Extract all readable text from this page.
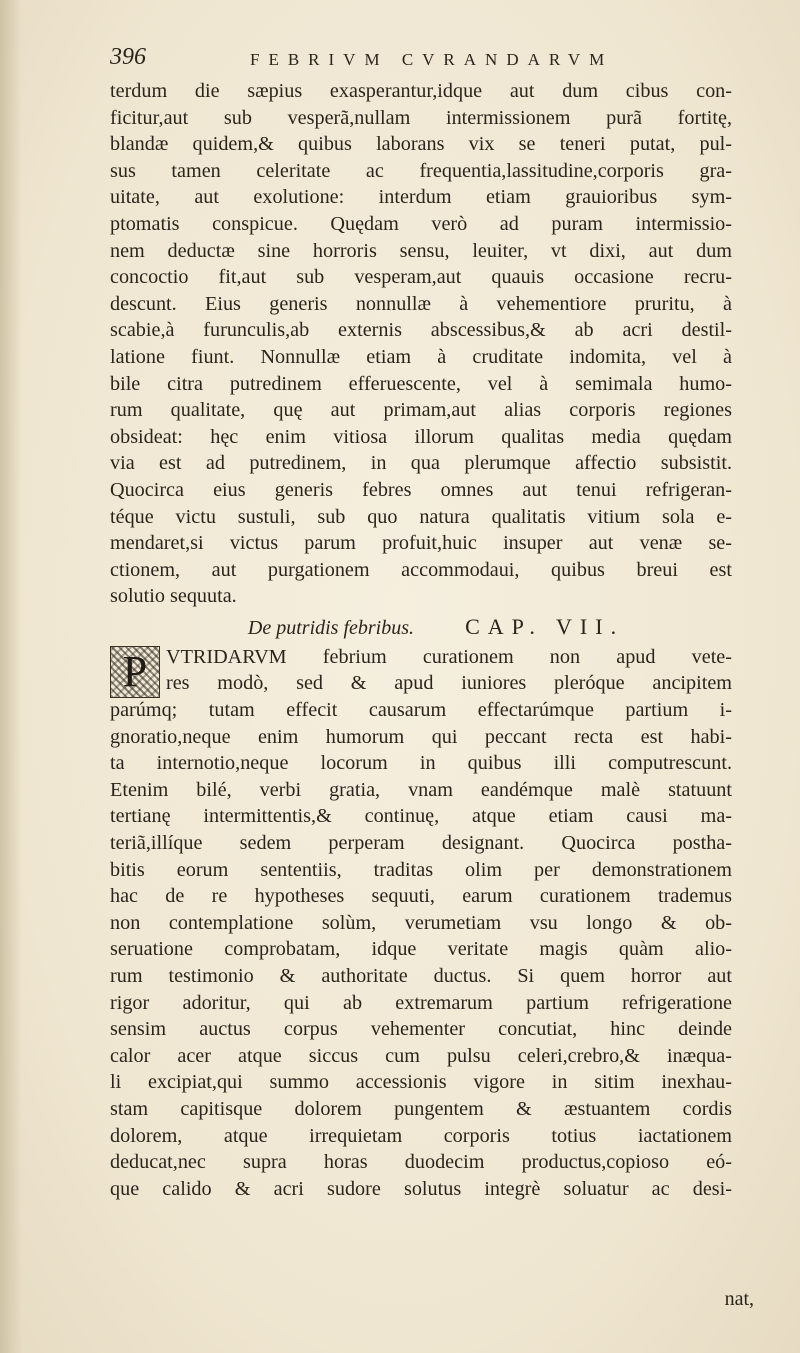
396	FEBRIVM CVRANDARVM
terdum die sæpius exasperantur,idque aut dum cibus con-
ficitur,aut sub vesperã,nullam intermissionem purã fortitę,
blandæ quidem,& quibus laborans vix se teneri putat, pul-
sus tamen celeritate ac frequentia,lassitudine,corporis gra-
uitate, aut exolutione: interdum etiam grauioribus sym-
ptomatis conspicue. Quędam verò ad puram intermissio-
nem deductæ sine horroris sensu, leuiter, vt dixi, aut dum
concoctio fit,aut sub vesperam,aut quauis occasione recru-
descunt. Eius generis nonnullæ à vehementiore pruritu, à
scabie,à furunculis,ab externis abscessibus,& ab acri destil-
latione fiunt. Nonnullæ etiam à cruditate indomita, vel à
bile citra putredinem efferuescente, vel à semimala humo-
rum qualitate, quę aut primam,aut alias corporis regiones
obsideat: hęc enim vitiosa illorum qualitas media quędam
via est ad putredinem, in qua plerumque affectio subsistit.
Quocirca eius generis febres omnes aut tenui refrigeran-
téque victu sustuli, sub quo natura qualitatis vitium sola e-
mendaret,si victus parum profuit,huic insuper aut venæ se-
ctionem, aut purgationem accommodaui, quibus breui est
solutio sequuta.
De putridis febribus. CAP. VII.
P VTRIDARVM febrium curationem non apud vete-
res modò, sed & apud iuniores pleróque ancipitem
parúmq; tutam effecit causarum effectarúmque partium i-
gnoratio,neque enim humorum qui peccant recta est habi-
ta internotio,neque locorum in quibus illi computrescunt.
Etenim bilé, verbi gratia, vnam eandémque malè statuunt
tertianę intermittentis,& continuę, atque etiam causi ma-
teriã,illíque sedem perperam designant. Quocirca postha-
bitis eorum sententiis, traditas olim per demonstrationem
hac de re hypotheses sequuti, earum curationem trademus
non contemplatione solùm, verumetiam vsu longo & ob-
seruatione comprobatam, idque veritate magis quàm alio-
rum testimonio & authoritate ductus. Si quem horror aut
rigor adoritur, qui ab extremarum partium refrigeratione
sensim auctus corpus vehementer concutiat, hinc deinde
calor acer atque siccus cum pulsu celeri,crebro,& inæqua-
li excipiat,qui summo accessionis vigore in sitim inexhau-
stam capitisque dolorem pungentem & æstuantem cordis
dolorem, atque irrequietam corporis totius iactationem
deducat,nec supra horas duodecim productus,copioso eó-
que calido & acri sudore solutus integrè soluatur ac desi-
nat,
